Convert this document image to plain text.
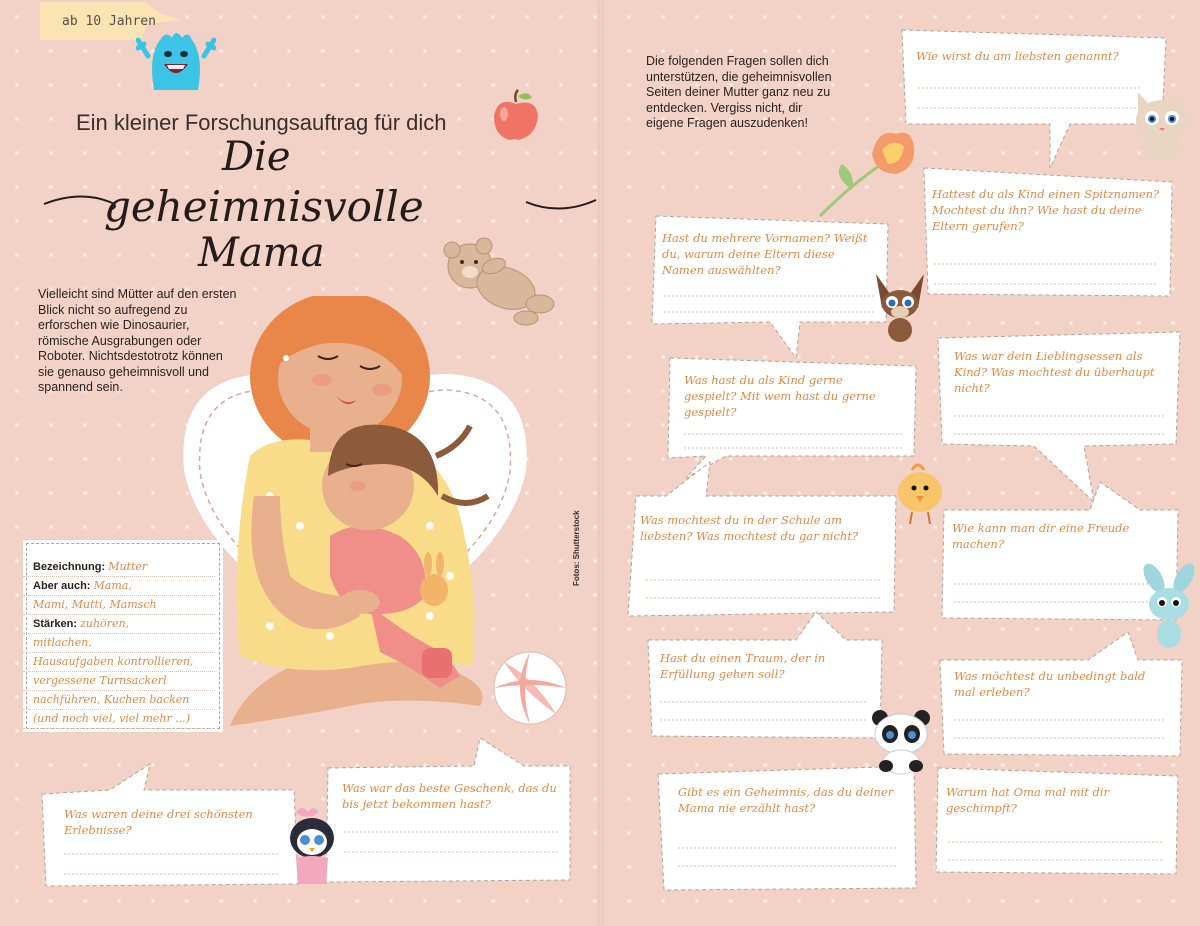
ab 10 Jahren
Ein kleiner Forschungsauftrag für dich
Die
geheimnisvolle
Mama
Vielleicht sind Mütter auf den ersten Blick nicht so aufregend zu erforschen wie Dinosaurier, römische Ausgrabungen oder Roboter. Nichtsdestotrotz können sie genauso geheimnisvoll und spannend sein.
Die folgenden Fragen sollen dich unterstützen, die geheimnisvollen Seiten deiner Mutter ganz neu zu entdecken. Vergiss nicht, dir eigene Fragen auszudenken!
Fotos: Shutterstock
Bezeichnung: Mutter
Aber auch: Mama,
Mami, Mutti, Mamsch
Stärken: zuhören,
mitlachen,
Hausaufgaben kontrollieren,
vergessene Turnsackerl
nachführen, Kuchen backen
(und noch viel, viel mehr ...)
Was waren deine drei schönsten Erlebnisse?
Was war das beste Geschenk, das du bis jetzt bekommen hast?
Wie wirst du am liebsten genannt?
Hattest du als Kind einen Spitznamen? Mochtest du ihn? Wie hast du deine Eltern gerufen?
Hast du mehrere Vornamen? Weißt du, warum deine Eltern diese Namen auswählten?
Was war dein Lieblingsessen als Kind? Was mochtest du überhaupt nicht?
Was hast du als Kind gerne gespielt? Mit wem hast du gerne gespielt?
Was mochtest du in der Schule am liebsten? Was mochtest du gar nicht?
Wie kann man dir eine Freude machen?
Hast du einen Traum, der in Erfüllung gehen soll?	Was möchtest du unbedingt bald mal erleben?
Gibt es ein Geheimnis, das du deiner Mama nie erzählt hast?
Warum hat Oma mal mit dir geschimpft?
